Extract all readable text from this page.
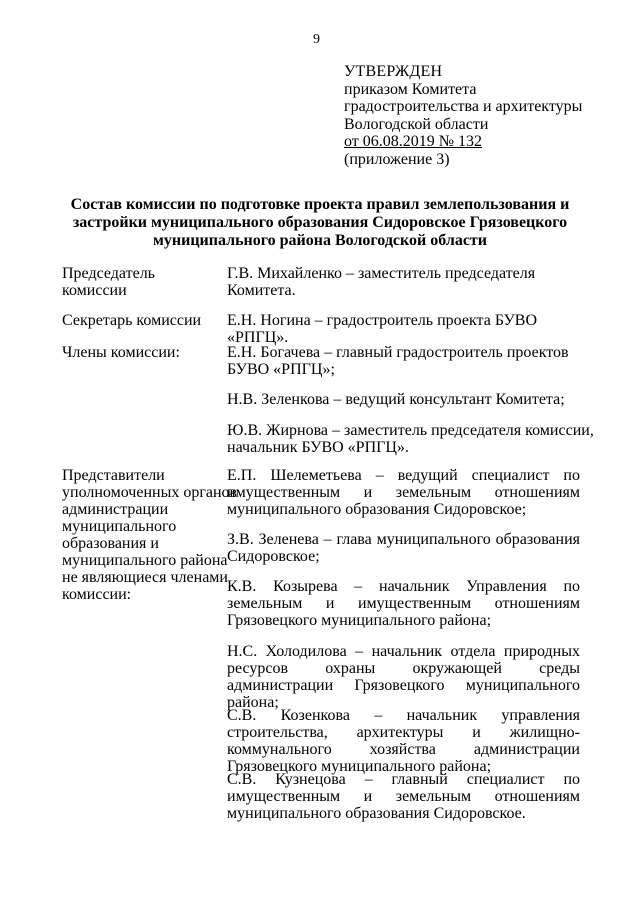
9
УТВЕРЖДЕН
приказом Комитета
градостроительства и архитектуры
Вологодской области
от 06.08.2019 № 132
(приложение 3)
Состав комиссии по подготовке проекта правил землепользования и
застройки муниципального образования Сидоровское Грязовецкого
муниципального района Вологодской области
Председатель комиссии
Секретарь комиссии
Члены комиссии:
Представители
уполномоченных органов
администрации
муниципального
образования и
муниципального района
не являющиеся членами
комиссии:
Г.В. Михайленко – заместитель председателя
Комитета.
Е.Н. Ногина – градостроитель проекта БУВО «РПГЦ».
Е.Н. Богачева – главный градостроитель проектов
БУВО «РПГЦ»;
Н.В. Зеленкова – ведущий консультант Комитета;
Ю.В. Жирнова – заместитель председателя комиссии,
начальник БУВО «РПГЦ».
Е.П. Шелеметьева – ведущий специалист по имущественным и земельным отношениям муниципального образования Сидоровское;
З.В. Зеленева – глава муниципального образования Сидоровское;
К.В. Козырева – начальник Управления по земельным и имущественным отношениям Грязовецкого муниципального района;
Н.С. Холодилова – начальник отдела природных ресурсов охраны окружающей среды администрации Грязовецкого муниципального района;
С.В. Козенкова – начальник управления строительства, архитектуры и жилищно-коммунального хозяйства администрации Грязовецкого муниципального района;
С.В. Кузнецова – главный специалист по имущественным и земельным отношениям муниципального образования Сидоровское.
